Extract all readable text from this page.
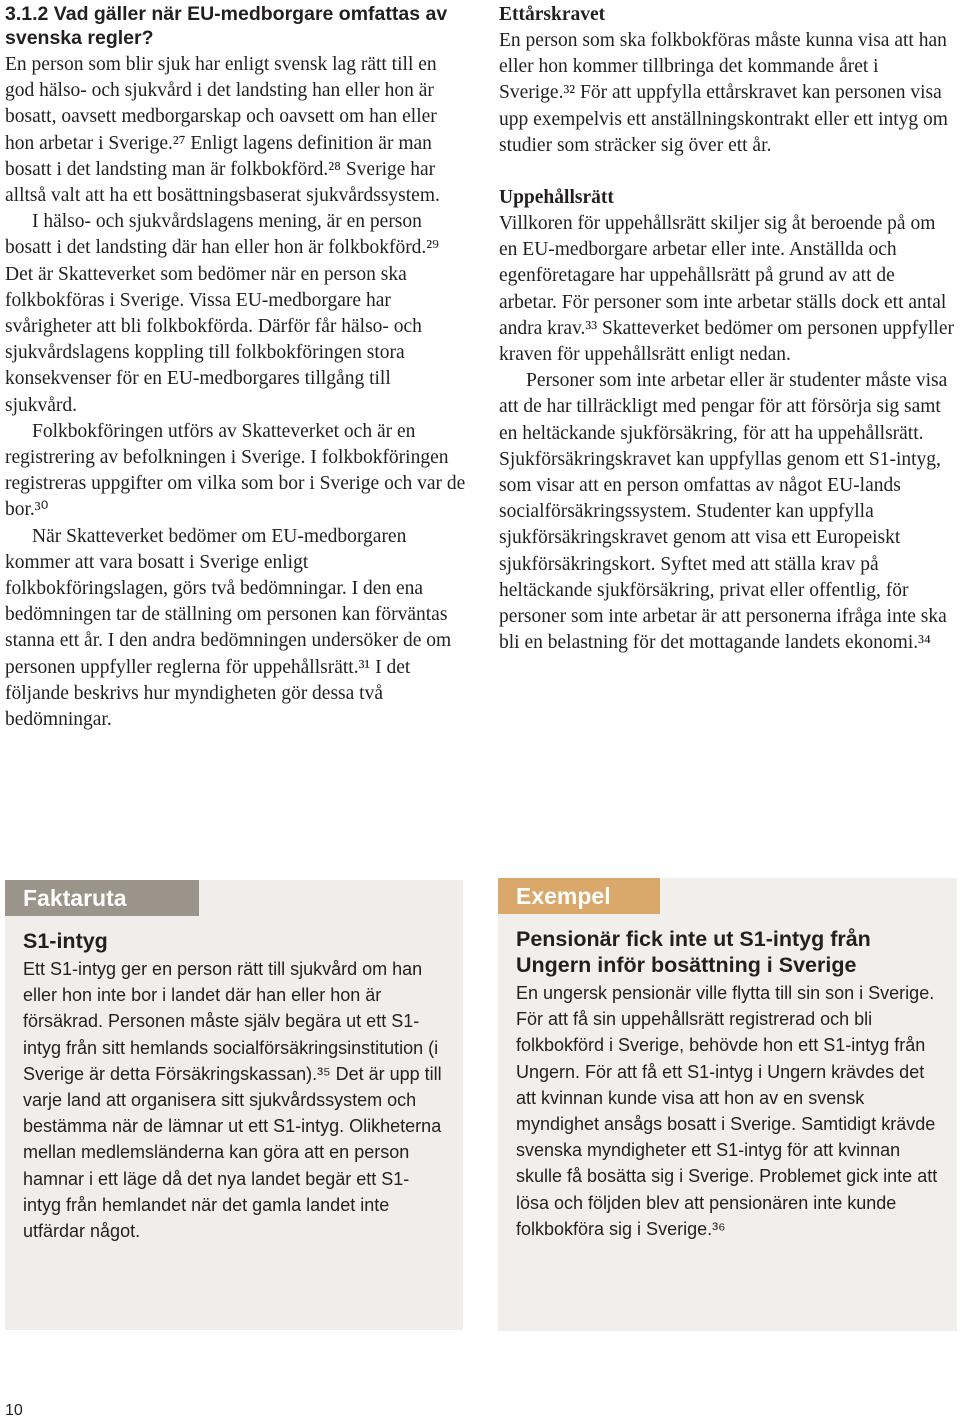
3.1.2 Vad gäller när EU-medborgare omfattas av svenska regler?

En person som blir sjuk har enligt svensk lag rätt till en god hälso- och sjukvård i det landsting han eller hon är bosatt, oavsett medborgarskap och oavsett om han eller hon arbetar i Sverige.²⁷ Enligt lagens definition är man bosatt i det landsting man är folkbokförd.²⁸ Sverige har alltså valt att ha ett bosättningsbaserat sjukvårdssystem.

I hälso- och sjukvårdslagens mening, är en person bosatt i det landsting där han eller hon är folkbokförd.²⁹ Det är Skatteverket som bedömer när en person ska folkbokföras i Sverige. Vissa EU-medborgare har svårigheter att bli folkbokförda. Därför får hälso- och sjukvårdslagens koppling till folkbokföringen stora konsekvenser för en EU-medborgares tillgång till sjukvård.

Folkbokföringen utförs av Skatteverket och är en registrering av befolkningen i Sverige. I folkbokföringen registreras uppgifter om vilka som bor i Sverige och var de bor.³⁰

När Skatteverket bedömer om EU-medborgaren kommer att vara bosatt i Sverige enligt folkbokföringslagen, görs två bedömningar. I den ena bedömningen tar de ställning om personen kan förväntas stanna ett år. I den andra bedömningen undersöker de om personen uppfyller reglerna för uppehållsrätt.³¹ I det följande beskrivs hur myndigheten gör dessa två bedömningar.

Ettårskravet

En person som ska folkbokföras måste kunna visa att han eller hon kommer tillbringa det kommande året i Sverige.³² För att uppfylla ettårskravet kan personen visa upp exempelvis ett anställningskontrakt eller ett intyg om studier som sträcker sig över ett år.

Uppehållsrätt

Villkoren för uppehållsrätt skiljer sig åt beroende på om en EU-medborgare arbetar eller inte. Anställda och egenföretagare har uppehållsrätt på grund av att de arbetar. För personer som inte arbetar ställs dock ett antal andra krav.³³ Skatteverket bedömer om personen uppfyller kraven för uppehållsrätt enligt nedan.

Personer som inte arbetar eller är studenter måste visa att de har tillräckligt med pengar för att försörja sig samt en heltäckande sjukförsäkring, för att ha uppehållsrätt. Sjukförsäkringskravet kan uppfyllas genom ett S1-intyg, som visar att en person omfattas av något EU-lands socialförsäkringssystem. Studenter kan uppfylla sjukförsäkringskravet genom att visa ett Europeiskt sjukförsäkringskort. Syftet med att ställa krav på heltäckande sjukförsäkring, privat eller offentlig, för personer som inte arbetar är att personerna ifråga inte ska bli en belastning för det mottagande landets ekonomi.³⁴

Faktaruta
S1-intyg

Ett S1-intyg ger en person rätt till sjukvård om han eller hon inte bor i landet där han eller hon är försäkrad. Personen måste själv begära ut ett S1-intyg från sitt hemlands socialförsäkringsinstitution (i Sverige är detta Försäkringskassan).³⁵ Det är upp till varje land att organisera sitt sjukvårdssystem och bestämma när de lämnar ut ett S1-intyg. Olikheterna mellan medlemsländerna kan göra att en person hamnar i ett läge då det nya landet begär ett S1-intyg från hemlandet när det gamla landet inte utfärdar något.

Exempel
Pensionär fick inte ut S1-intyg från Ungern inför bosättning i Sverige

En ungersk pensionär ville flytta till sin son i Sverige. För att få sin uppehållsrätt registrerad och bli folkbokförd i Sverige, behövde hon ett S1-intyg från Ungern. För att få ett S1-intyg i Ungern krävdes det att kvinnan kunde visa att hon av en svensk myndighet ansågs bosatt i Sverige. Samtidigt krävde svenska myndigheter ett S1-intyg för att kvinnan skulle få bosätta sig i Sverige. Problemet gick inte att lösa och följden blev att pensionären inte kunde folkbokföra sig i Sverige.³⁶

10
